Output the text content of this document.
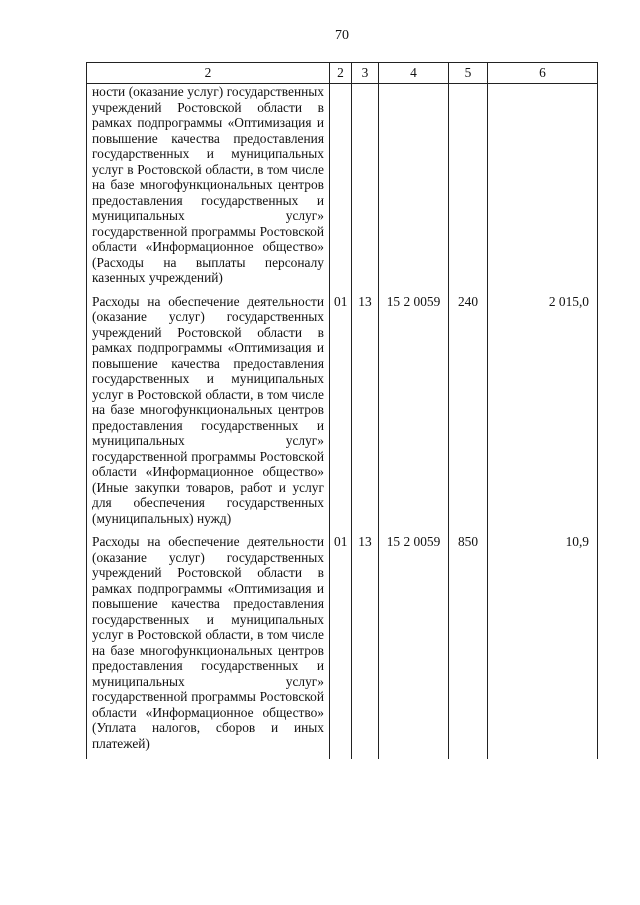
70
2	2	3	4	5	6
ности (оказание услуг) государственных учреждений Ростовской области в рамках подпрограммы «Оптимизация и повышение качества предоставления государственных и муниципальных услуг в Ростовской области, в том числе на базе многофункциональных центров предоставления государственных и муниципальных услуг» государственной программы Ростовской области «Информационное общество» (Расходы на выплаты персоналу казенных учреждений)					
Расходы на обеспечение деятельности (оказание услуг) государственных учреждений Ростовской области в рамках подпрограммы «Оптимизация и повышение качества предоставления государственных и муниципальных услуг в Ростовской области, в том числе на базе многофункциональных центров предоставления государственных и муниципальных услуг» государственной программы Ростовской области «Информационное общество» (Иные закупки товаров, работ и услуг для обеспечения государственных (муниципальных) нужд)	01	13	15 2 0059	240	2 015,0
Расходы на обеспечение деятельности (оказание услуг) государственных учреждений Ростовской области в рамках подпрограммы «Оптимизация и повышение качества предоставления государственных и муниципальных услуг в Ростовской области, в том числе на базе многофункциональных центров предоставления государственных и муниципальных услуг» государственной программы Ростовской области «Информационное общество» (Уплата налогов, сборов и иных платежей)	01	13	15 2 0059	850	10,9
